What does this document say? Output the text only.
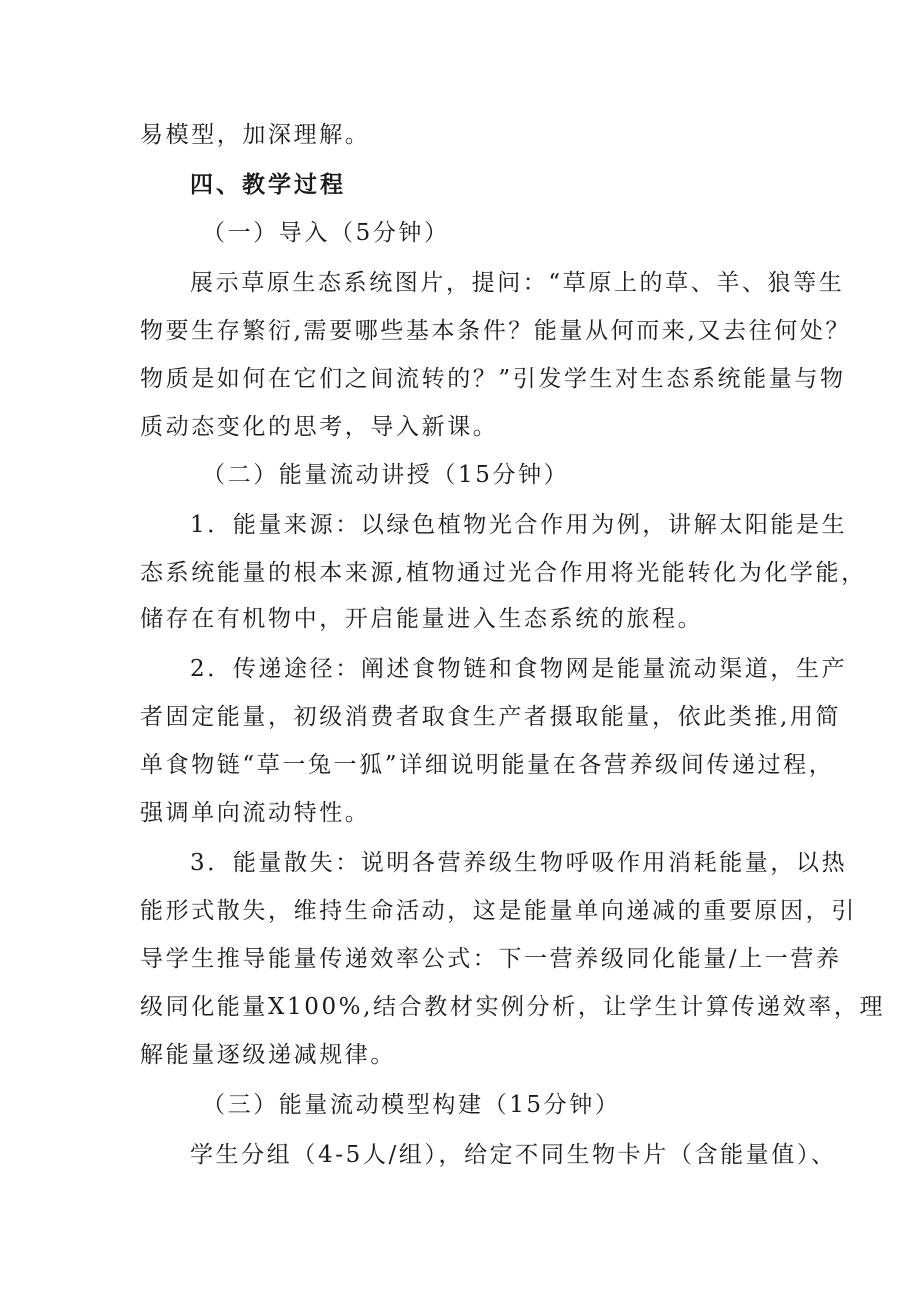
易模型，加深理解。
四、教学过程
（一）导入（5分钟）
展示草原生态系统图片，提问：“草原上的草、羊、狼等生
物要生存繁衍,需要哪些基本条件？能量从何而来,又去往何处？
物质是如何在它们之间流转的？”引发学生对生态系统能量与物
质动态变化的思考，导入新课。
（二）能量流动讲授（15分钟）
1．能量来源：以绿色植物光合作用为例，讲解太阳能是生
态系统能量的根本来源,植物通过光合作用将光能转化为化学能，
储存在有机物中，开启能量进入生态系统的旅程。
2．传递途径：阐述食物链和食物网是能量流动渠道，生产
者固定能量，初级消费者取食生产者摄取能量，依此类推,用简
单食物链“草一兔一狐”详细说明能量在各营养级间传递过程，
强调单向流动特性。
3．能量散失：说明各营养级生物呼吸作用消耗能量，以热
能形式散失，维持生命活动，这是能量单向递减的重要原因，引
导学生推导能量传递效率公式：下一营养级同化能量/上一营养
级同化能量X100%,结合教材实例分析，让学生计算传递效率，理
解能量逐级递减规律。
（三）能量流动模型构建（15分钟）
学生分组（4-5人/组），给定不同生物卡片（含能量值）、
